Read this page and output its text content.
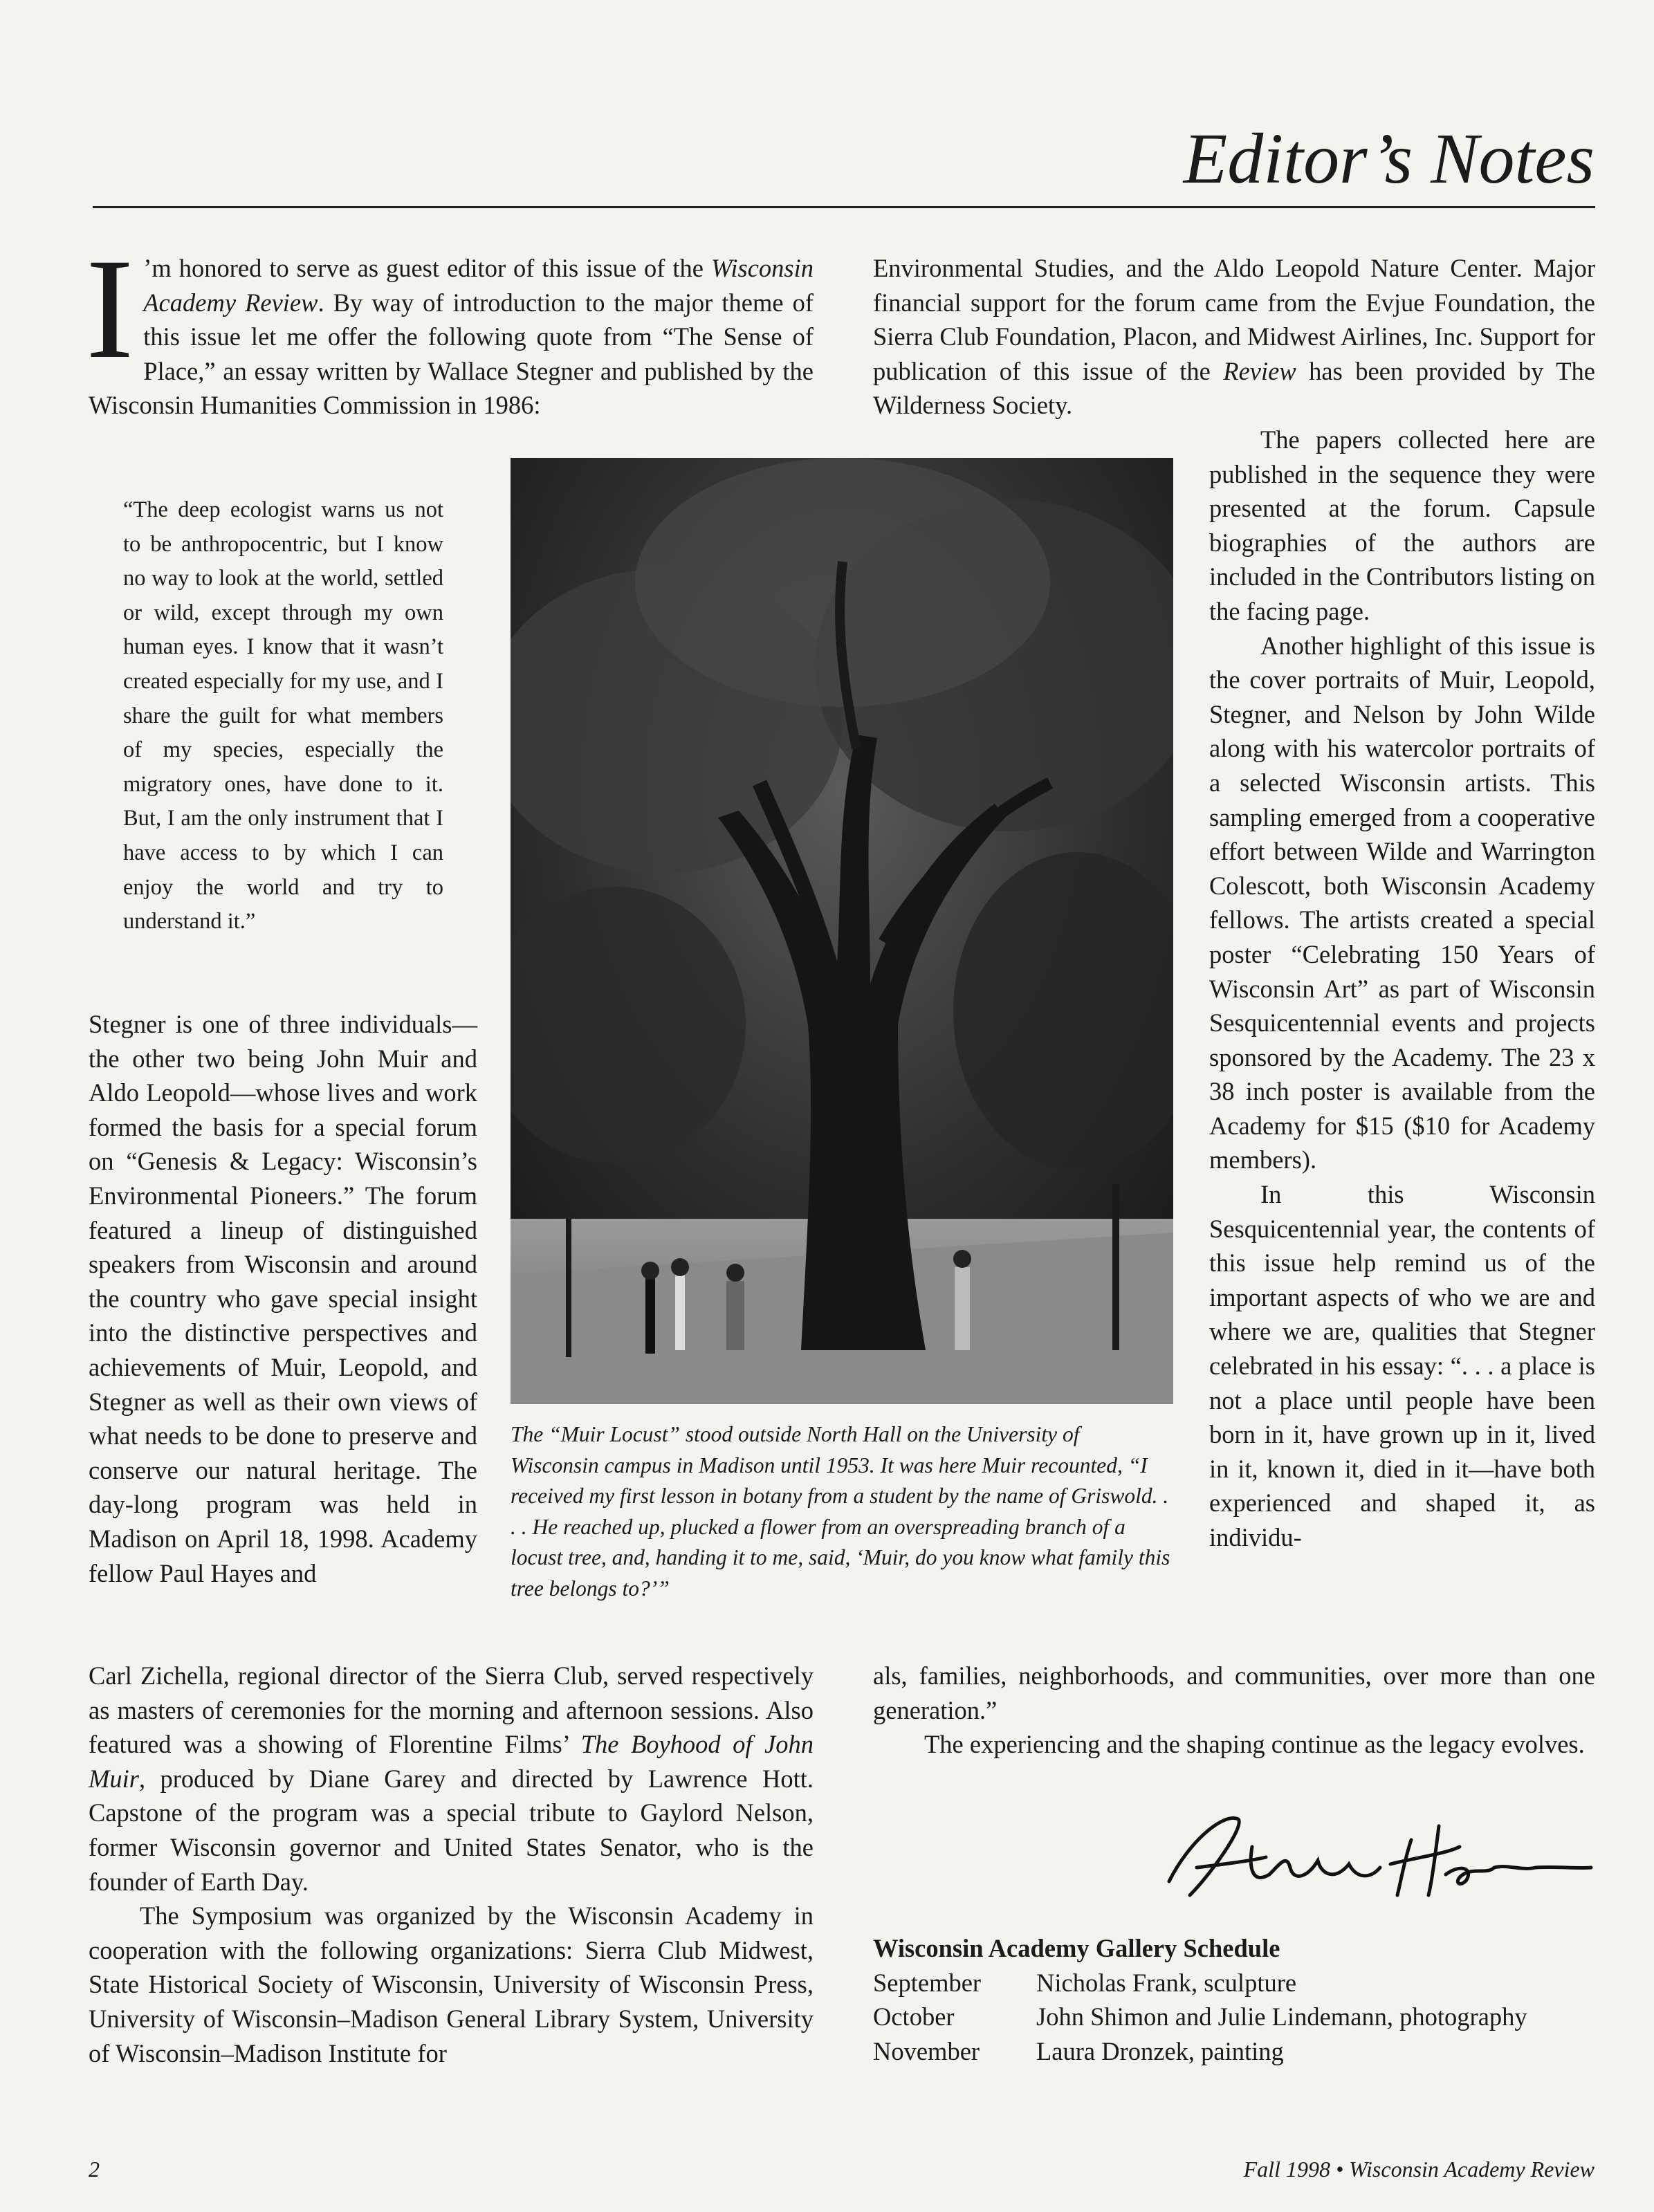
Editor’s Notes

I ’m honored to serve as guest editor of this issue of the Wisconsin Academy Review. By way of introduction to the major theme of this issue let me offer the following quote from “The Sense of Place,” an essay written by Wallace Stegner and published by the Wisconsin Humanities Commission in 1986:

“The deep ecologist warns us not to be anthropocentric, but I know no way to look at the world, settled or wild, except through my own human eyes. I know that it wasn’t created especially for my use, and I share the guilt for what members of my species, especially the migratory ones, have done to it. But, I am the only instrument that I have access to by which I can enjoy the world and try to understand it.”

Stegner is one of three individuals—the other two being John Muir and Aldo Leopold—whose lives and work formed the basis for a special forum on “Genesis & Legacy: Wisconsin’s Environmental Pioneers.” The forum featured a lineup of distinguished speakers from Wisconsin and around the country who gave special insight into the distinctive perspectives and achievements of Muir, Leopold, and Stegner as well as their own views of what needs to be done to preserve and conserve our natural heritage. The day-long program was held in Madison on April 18, 1998. Academy fellow Paul Hayes and

Carl Zichella, regional director of the Sierra Club, served respectively as masters of ceremonies for the morning and afternoon sessions. Also featured was a showing of Florentine Films’ The Boyhood of John Muir, produced by Diane Garey and directed by Lawrence Hott. Capstone of the program was a special tribute to Gaylord Nelson, former Wisconsin governor and United States Senator, who is the founder of Earth Day.

The Symposium was organized by the Wisconsin Academy in cooperation with the following organizations: Sierra Club Midwest, State Historical Society of Wisconsin, University of Wisconsin Press, University of Wisconsin–Madison General Library System, University of Wisconsin–Madison Institute for

Environmental Studies, and the Aldo Leopold Nature Center. Major financial support for the forum came from the Evjue Foundation, the Sierra Club Foundation, Placon, and Midwest Airlines, Inc. Support for publication of this issue of the Review has been provided by The Wilderness Society.

The papers collected here are published in the sequence they were presented at the forum. Capsule biographies of the authors are included in the Contributors listing on the facing page.

Another highlight of this issue is the cover portraits of Muir, Leopold, Stegner, and Nelson by John Wilde along with his watercolor portraits of a selected Wisconsin artists. This sampling emerged from a cooperative effort between Wilde and Warrington Colescott, both Wisconsin Academy fellows. The artists created a special poster “Celebrating 150 Years of Wisconsin Art” as part of Wisconsin Sesquicentennial events and projects sponsored by the Academy. The 23 x 38 inch poster is available from the Academy for $15 ($10 for Academy members).

In this Wisconsin Sesquicentennial year, the contents of this issue help remind us of the important aspects of who we are and where we are, qualities that Stegner celebrated in his essay: “. . . a place is not a place until people have been born in it, have grown up in it, lived in it, known it, died in it—have both experienced and shaped it, as individu-

als, families, neighborhoods, and communities, over more than one generation.”

The experiencing and the shaping continue as the legacy evolves.

The “Muir Locust” stood outside North Hall on the University of Wisconsin campus in Madison until 1953. It was here Muir recounted, “I received my first lesson in botany from a student by the name of Griswold. . . . He reached up, plucked a flower from an overspreading branch of a locust tree, and, handing it to me, said, ‘Muir, do you know what family this tree belongs to?’”
Wisconsin Academy Gallery Schedule
September	Nicholas Frank, sculpture
October	John Shimon and Julie Lindemann, photography
November	Laura Dronzek, painting
2	Fall 1998 • Wisconsin Academy Review
